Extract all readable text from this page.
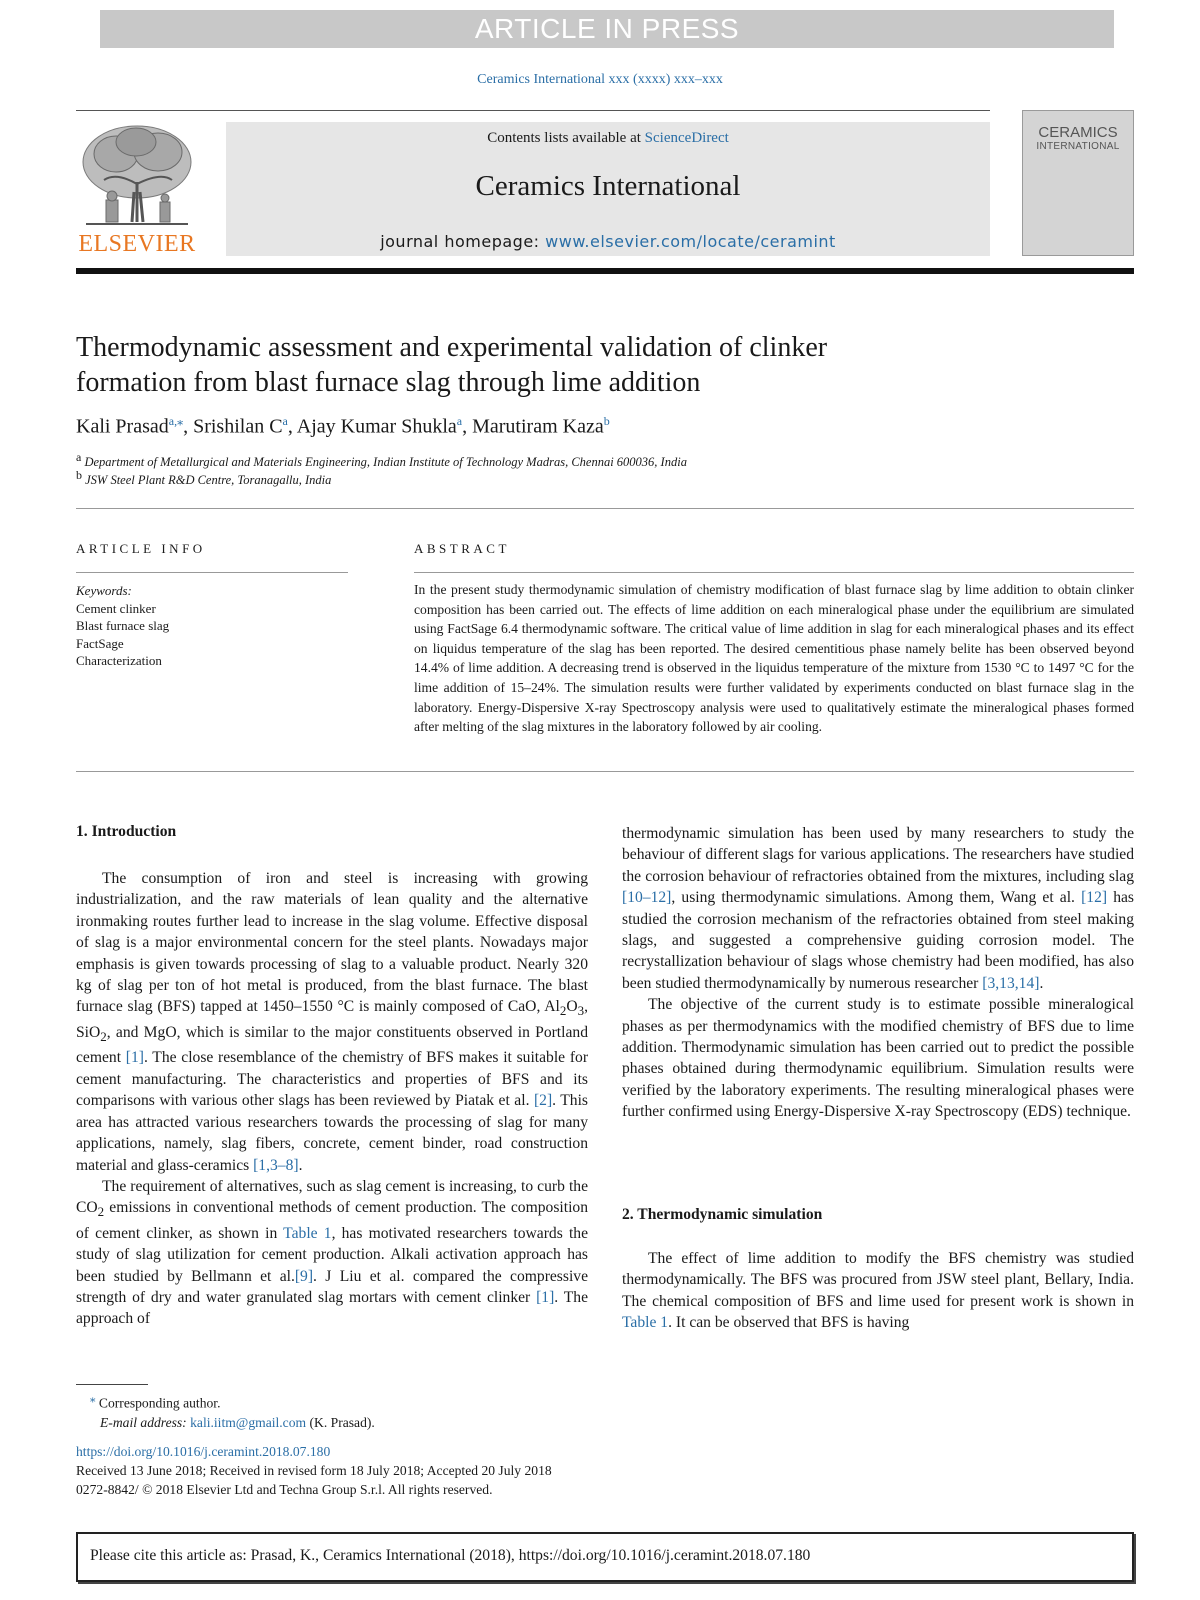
ARTICLE IN PRESS
Ceramics International xxx (xxxx) xxx–xxx
ELSEVIER
Contents lists available at ScienceDirect
Ceramics International
journal homepage: www.elsevier.com/locate/ceramint
CERAMICS
INTERNATIONAL
Thermodynamic assessment and experimental validation of clinker
formation from blast furnace slag through lime addition
Kali Prasad$^{a,⁎}$, Srishilan $C^a$, Ajay Kumar Shukla$^a$, Marutiram Kaza$^b$
$^a$ Department of Metallurgical and Materials Engineering, Indian Institute of Technology Madras, Chennai 600036, India
$^b$ JSW Steel Plant R&D Centre, Toranagallu, India
ARTICLE INFO	ABSTRACT
Keywords:
Cement clinker
Blast furnace slag
FactSage
Characterization
In the present study thermodynamic simulation of chemistry modification of blast furnace slag by lime addition to obtain clinker composition has been carried out. The effects of lime addition on each mineralogical phase under the equilibrium are simulated using FactSage 6.4 thermodynamic software. The critical value of lime addition in slag for each mineralogical phases and its effect on liquidus temperature of the slag has been reported. The desired cementitious phase namely belite has been observed beyond 14.4% of lime addition. A decreasing trend is observed in the liquidus temperature of the mixture from 1530 °C to 1497 °C for the lime addition of 15–24%. The simulation results were further validated by experiments conducted on blast furnace slag in the laboratory. Energy-Dispersive X-ray Spectroscopy analysis were used to qualitatively estimate the mineralogical phases formed after melting of the slag mixtures in the laboratory followed by air cooling.
1. Introduction

The consumption of iron and steel is increasing with growing industrialization, and the raw materials of lean quality and the alternative ironmaking routes further lead to increase in the slag volume. Effective disposal of slag is a major environmental concern for the steel plants. Nowadays major emphasis is given towards processing of slag to a valuable product. Nearly 320 kg of slag per ton of hot metal is produced, from the blast furnace. The blast furnace slag (BFS) tapped at 1450–1550 °C is mainly composed of CaO, $Al_2O_3$, SiO$_2$, and MgO, which is similar to the major constituents observed in Portland cement [1]. The close resemblance of the chemistry of BFS makes it suitable for cement manufacturing. The characteristics and properties of BFS and its comparisons with various other slags has been reviewed by Piatak et al. [2]. This area has attracted various researchers towards the processing of slag for many applications, namely, slag fibers, concrete, cement binder, road construction material and glass-ceramics [1,3–8].

The requirement of alternatives, such as slag cement is increasing, to curb the $CO_2$ emissions in conventional methods of cement production. The composition of cement clinker, as shown in Table 1, has motivated researchers towards the study of slag utilization for cement production. Alkali activation approach has been studied by Bellmann et al.[9]. J Liu et al. compared the compressive strength of dry and water granulated slag mortars with cement clinker [1]. The approach of

thermodynamic simulation has been used by many researchers to study the behaviour of different slags for various applications. The researchers have studied the corrosion behaviour of refractories obtained from the mixtures, including slag [10–12], using thermodynamic simulations. Among them, Wang et al. [12] has studied the corrosion mechanism of the refractories obtained from steel making slags, and suggested a comprehensive guiding corrosion model. The recrystallization behaviour of slags whose chemistry had been modified, has also been studied thermodynamically by numerous researcher [3,13,14].

The objective of the current study is to estimate possible mineralogical phases as per thermodynamics with the modified chemistry of BFS due to lime addition. Thermodynamic simulation has been carried out to predict the possible phases obtained during thermodynamic equilibrium. Simulation results were verified by the laboratory experiments. The resulting mineralogical phases were further confirmed using Energy-Dispersive X-ray Spectroscopy (EDS) technique.

2. Thermodynamic simulation

The effect of lime addition to modify the BFS chemistry was studied thermodynamically. The BFS was procured from JSW steel plant, Bellary, India. The chemical composition of BFS and lime used for present work is shown in Table 1. It can be observed that BFS is having

⁎ Corresponding author.
E-mail address: kali.iitm@gmail.com (K. Prasad).
https://doi.org/10.1016/j.ceramint.2018.07.180
Received 13 June 2018; Received in revised form 18 July 2018; Accepted 20 July 2018
0272-8842/ © 2018 Elsevier Ltd and Techna Group S.r.l. All rights reserved.
Please cite this article as: Prasad, K., Ceramics International (2018), https://doi.org/10.1016/j.ceramint.2018.07.180
